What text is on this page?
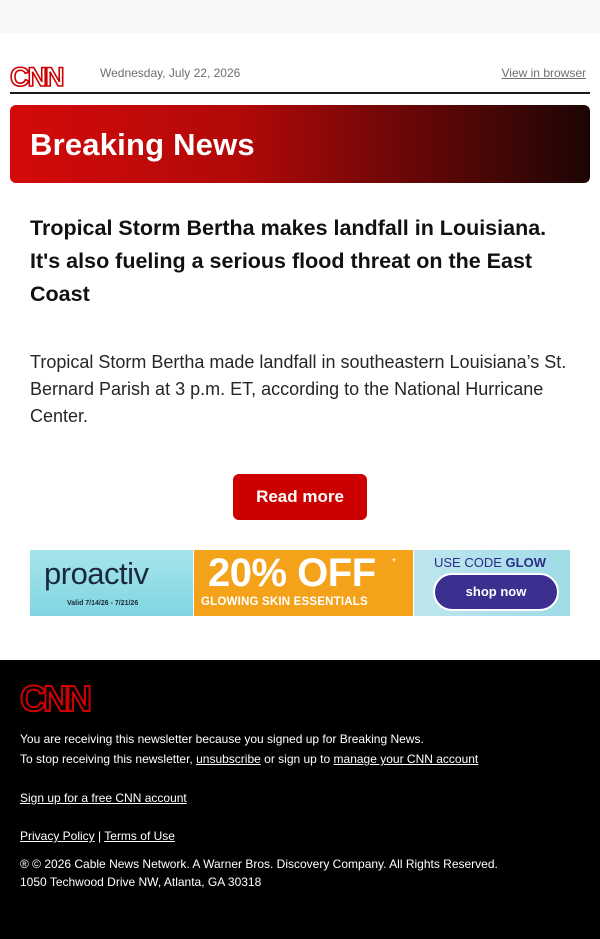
CNN	Wednesday, July 22, 2026	View in browser
Breaking News
Tropical Storm Bertha makes landfall in Louisiana. It's also fueling a serious flood threat on the East Coast
Tropical Storm Bertha made landfall in southeastern Louisiana’s St. Bernard Parish at 3 p.m. ET, according to the National Hurricane Center.
Read more
proactiv
Valid 7/14/26 - 7/21/26
20% OFF *
GLOWING SKIN ESSENTIALS
USE CODE GLOW
shop now
CNN
You are receiving this newsletter because you signed up for Breaking News.
To stop receiving this newsletter, unsubscribe or sign up to manage your CNN account
Sign up for a free CNN account
Privacy Policy | Terms of Use
® © 2026 Cable News Network. A Warner Bros. Discovery Company. All Rights Reserved.
1050 Techwood Drive NW, Atlanta, GA 30318
